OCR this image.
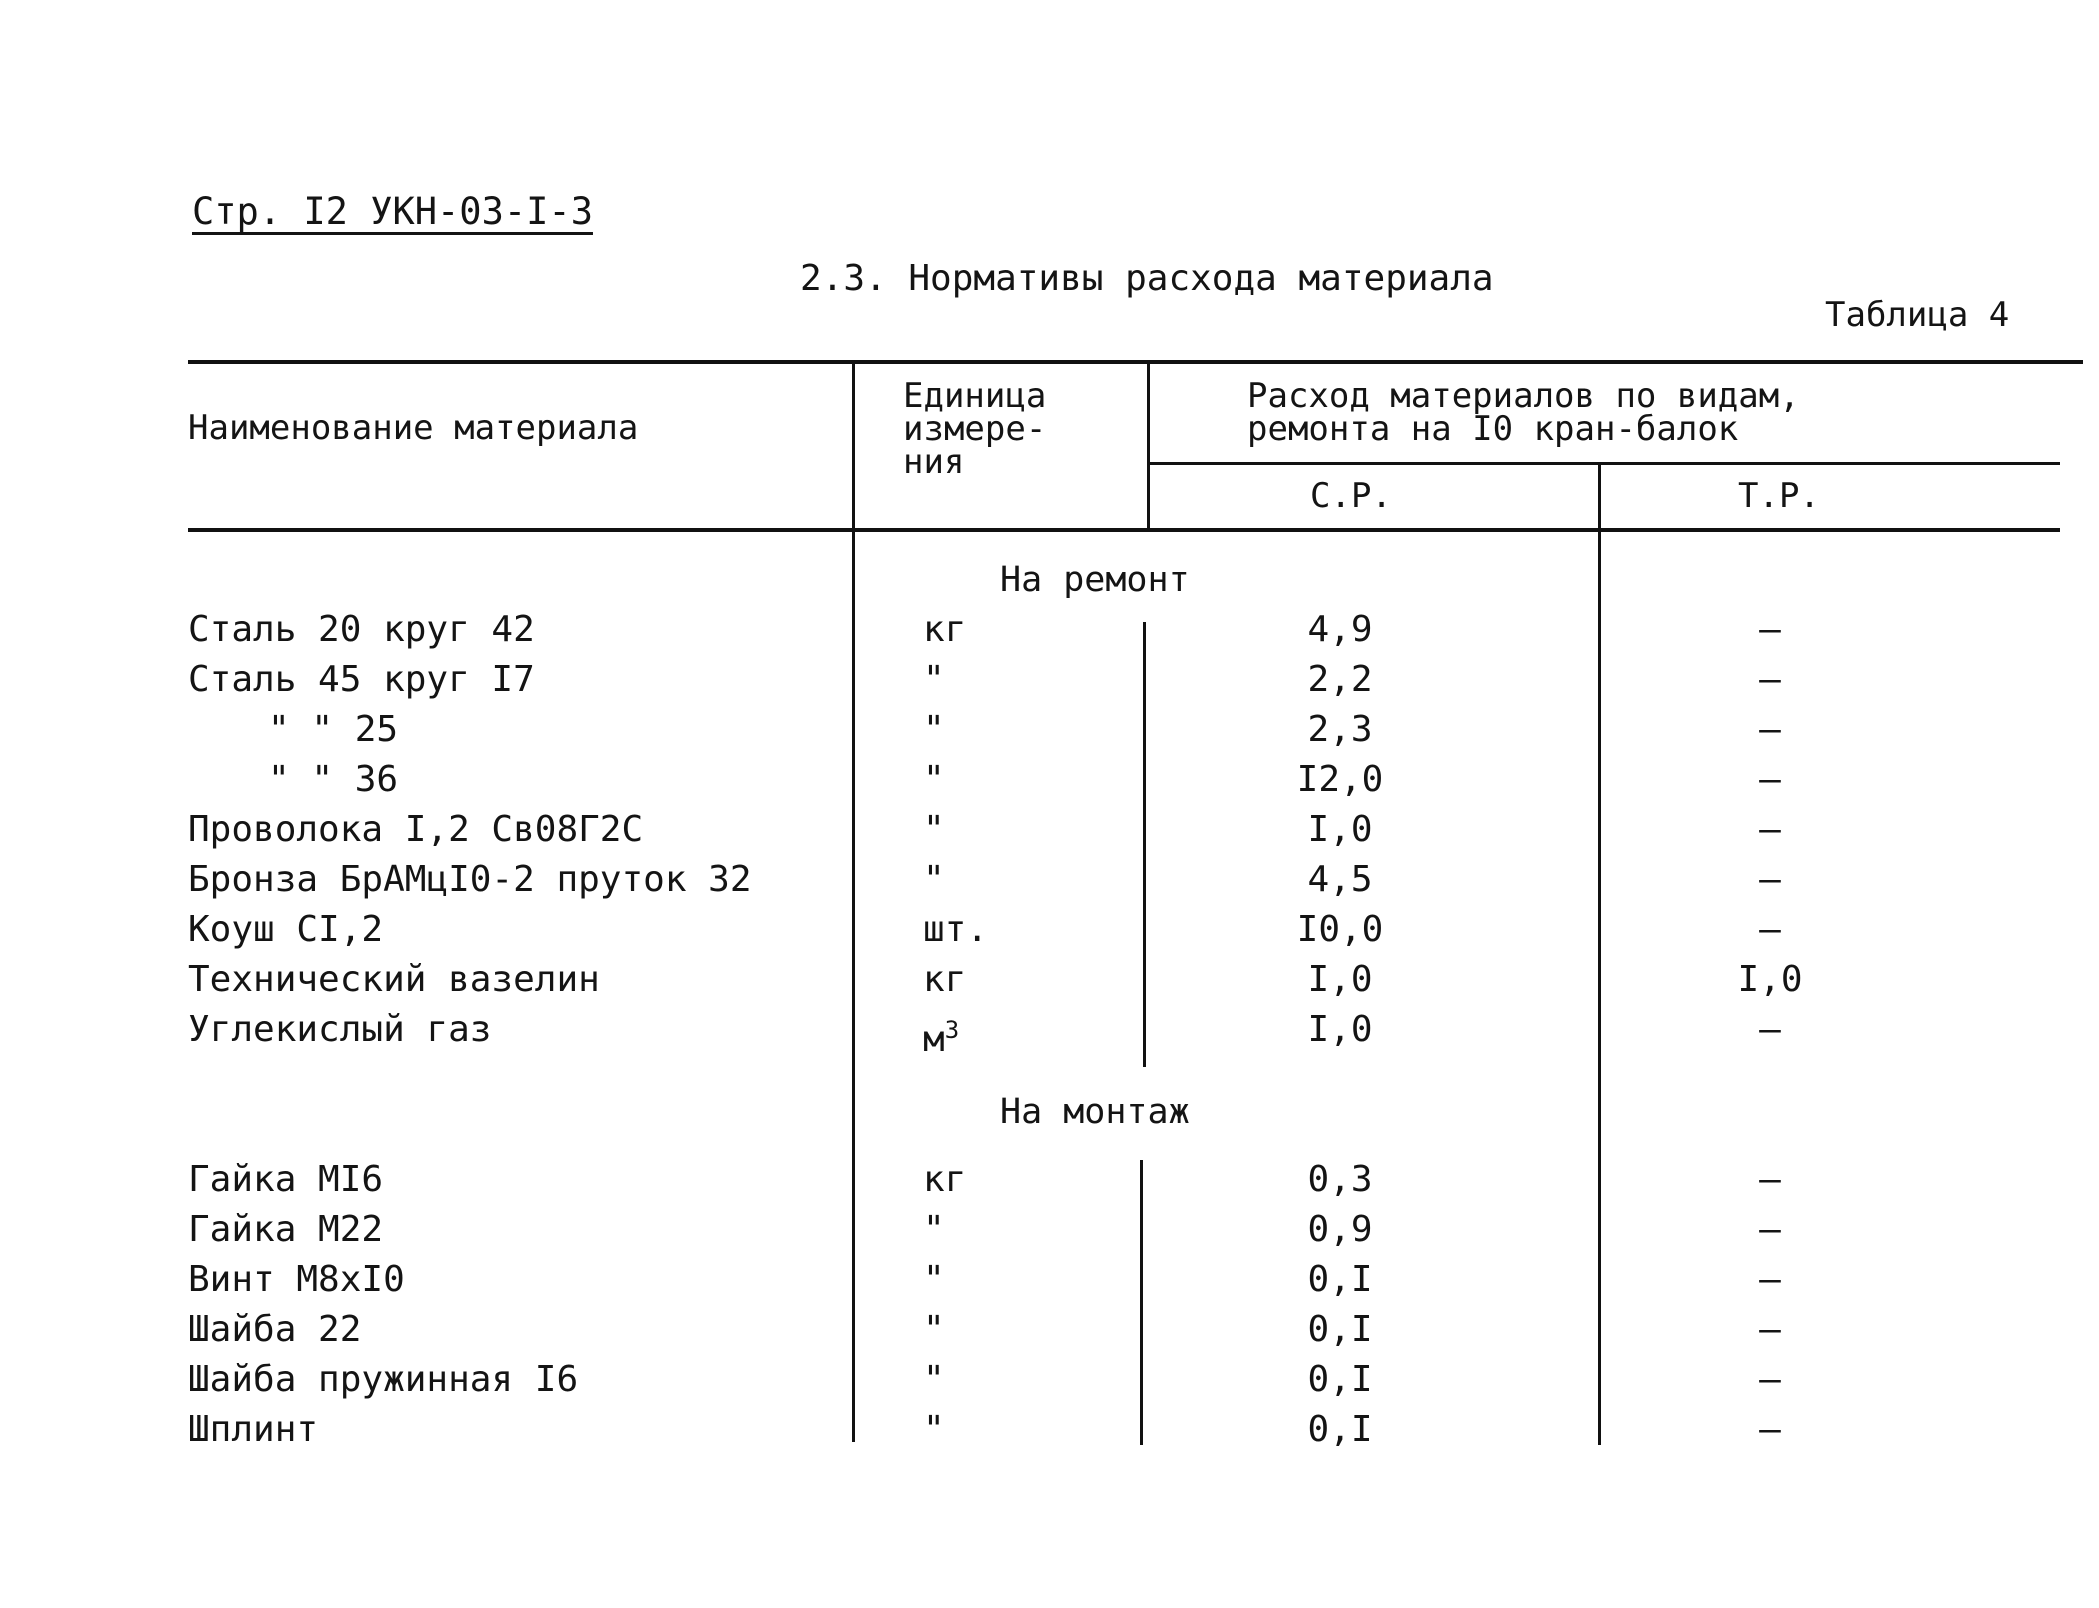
Стр. I2 УКН-03-I-3
2.3. Нормативы расхода материала
Таблица 4
Наименование материала
Единица
измере-
ния
Расход материалов по видам,
ремонта на I0 кран-балок
С.Р.	Т.Р.
На ремонт
Сталь 20 круг 42	кг	4,9	–
Сталь 45 круг I7	"	2,2	–
" " 25	"	2,3	–
" " 36	"	I2,0	–
Проволока I,2 Св08Г2С	"	I,0	–
Бронза БрАМцI0-2 пруток 32	"	4,5	–
Коуш СI,2	шт.	I0,0	–
Технический вазелин	кг	I,0	I,0
Углекислый газ	$м^3$	I,0	–
На монтаж
Гайка МI6	кг	0,3	–
Гайка М22	"	0,9	–
Винт М8хI0	"	0,I	–
Шайба 22	"	0,I	–
Шайба пружинная I6	"	0,I	–
Шплинт	"	0,I	–
